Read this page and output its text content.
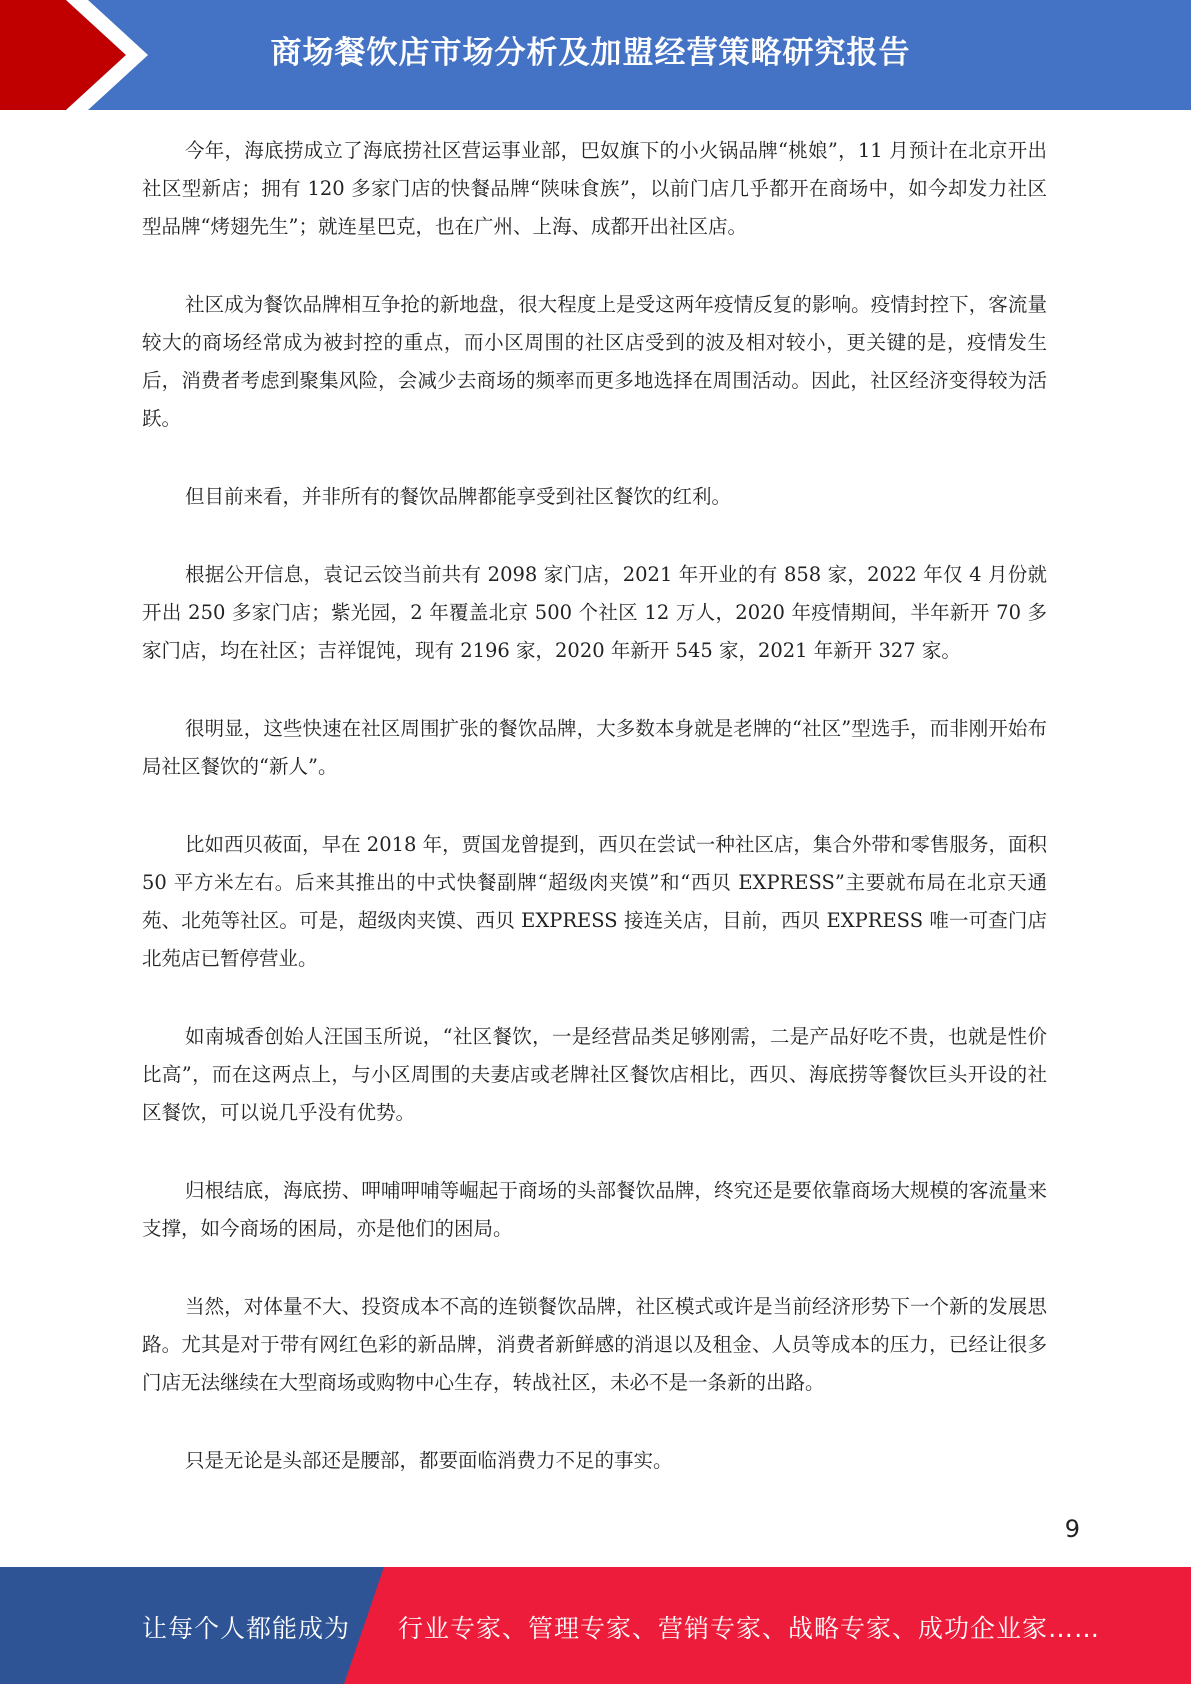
商场餐饮店市场分析及加盟经营策略研究报告

今年，海底捞成立了海底捞社区营运事业部，巴奴旗下的小火锅品牌“桃娘”，11 月预计在北京开出社区型新店；拥有 120 多家门店的快餐品牌“陕味食族”，以前门店几乎都开在商场中，如今却发力社区型品牌“烤翅先生”；就连星巴克，也在广州、上海、成都开出社区店。

社区成为餐饮品牌相互争抢的新地盘，很大程度上是受这两年疫情反复的影响。疫情封控下，客流量较大的商场经常成为被封控的重点，而小区周围的社区店受到的波及相对较小，更关键的是，疫情发生后，消费者考虑到聚集风险，会减少去商场的频率而更多地选择在周围活动。因此，社区经济变得较为活跃。

但目前来看，并非所有的餐饮品牌都能享受到社区餐饮的红利。

根据公开信息，袁记云饺当前共有 2098 家门店，2021 年开业的有 858 家，2022 年仅 4 月份就开出 250 多家门店；紫光园，2 年覆盖北京 500 个社区 12 万人，2020 年疫情期间，半年新开 70 多家门店，均在社区；吉祥馄饨，现有 2196 家，2020 年新开 545 家，2021 年新开 327 家。

很明显，这些快速在社区周围扩张的餐饮品牌，大多数本身就是老牌的“社区”型选手，而非刚开始布局社区餐饮的“新人”。

比如西贝莜面，早在 2018 年，贾国龙曾提到，西贝在尝试一种社区店，集合外带和零售服务，面积 50 平方米左右。后来其推出的中式快餐副牌“超级肉夹馍”和“西贝 EXPRESS”主要就布局在北京天通苑、北苑等社区。可是，超级肉夹馍、西贝 EXPRESS 接连关店，目前，西贝 EXPRESS 唯一可查门店北苑店已暂停营业。

如南城香创始人汪国玉所说，“社区餐饮，一是经营品类足够刚需，二是产品好吃不贵，也就是性价比高”，而在这两点上，与小区周围的夫妻店或老牌社区餐饮店相比，西贝、海底捞等餐饮巨头开设的社区餐饮，可以说几乎没有优势。

归根结底，海底捞、呷哺呷哺等崛起于商场的头部餐饮品牌，终究还是要依靠商场大规模的客流量来支撑，如今商场的困局，亦是他们的困局。

当然，对体量不大、投资成本不高的连锁餐饮品牌，社区模式或许是当前经济形势下一个新的发展思路。尤其是对于带有网红色彩的新品牌，消费者新鲜感的消退以及租金、人员等成本的压力，已经让很多门店无法继续在大型商场或购物中心生存，转战社区，未必不是一条新的出路。

只是无论是头部还是腰部，都要面临消费力不足的事实。

9
让每个人都能成为 行业专家、管理专家、营销专家、战略专家、成功企业家……
